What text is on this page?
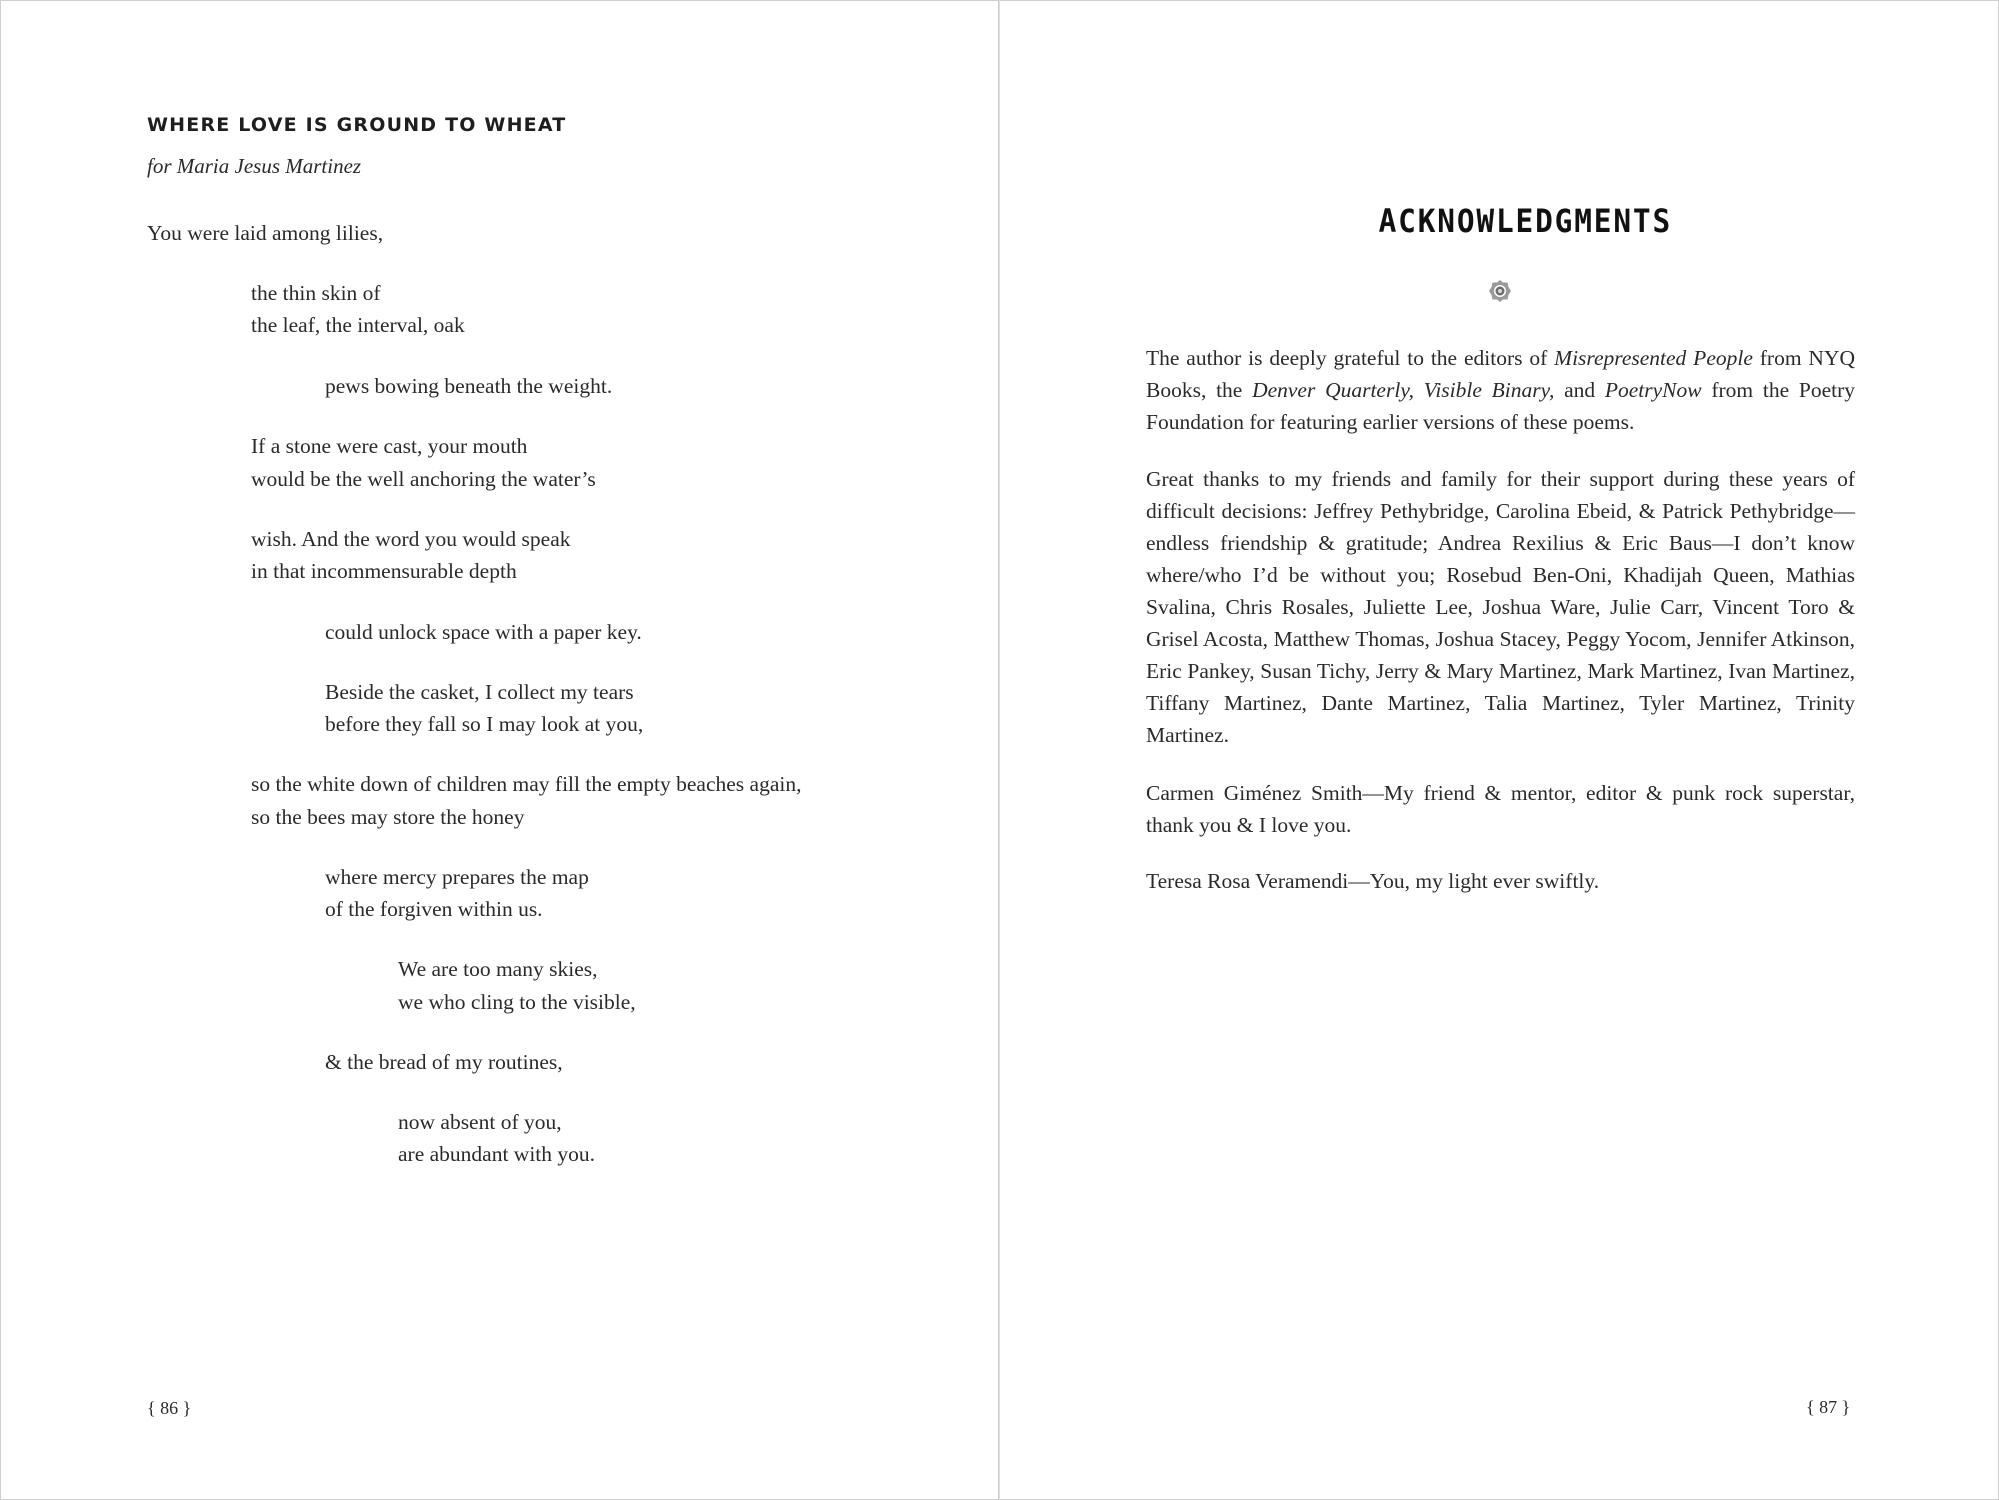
WHERE LOVE IS GROUND TO WHEAT
for Maria Jesus Martinez
You were laid among lilies,
the thin skin of
the leaf, the interval, oak
pews bowing beneath the weight.
If a stone were cast, your mouth
would be the well anchoring the water’s
wish. And the word you would speak
in that incommensurable depth
could unlock space with a paper key.
Beside the casket, I collect my tears
before they fall so I may look at you,
so the white down of children may fill the empty beaches again,
so the bees may store the honey
where mercy prepares the map
of the forgiven within us.
We are too many skies,
we who cling to the visible,
& the bread of my routines,
now absent of you,
are abundant with you.
{ 86 }
ACKNOWLEDGMENTS
The author is deeply grateful to the editors of Misrepresented People from NYQ Books, the Denver Quarterly, Visible Binary, and PoetryNow from the Poetry Foundation for featuring earlier versions of these poems.
Great thanks to my friends and family for their support during these years of difficult decisions: Jeffrey Pethybridge, Carolina Ebeid, & Patrick Pethybridge—endless friendship & gratitude; Andrea Rexilius & Eric Baus—I don’t know where/who I’d be without you; Rosebud Ben-Oni, Khadijah Queen, Mathias Svalina, Chris Rosales, Juliette Lee, Joshua Ware, Julie Carr, Vincent Toro & Grisel Acosta, Matthew Thomas, Joshua Stacey, Peggy Yocom, Jennifer Atkinson, Eric Pankey, Susan Tichy, Jerry & Mary Martinez, Mark Martinez, Ivan Martinez, Tiffany Martinez, Dante Martinez, Talia Martinez, Tyler Martinez, Trinity Martinez.
Carmen Giménez Smith—My friend & mentor, editor & punk rock superstar, thank you & I love you.
Teresa Rosa Veramendi—You, my light ever swiftly.
{ 87 }
